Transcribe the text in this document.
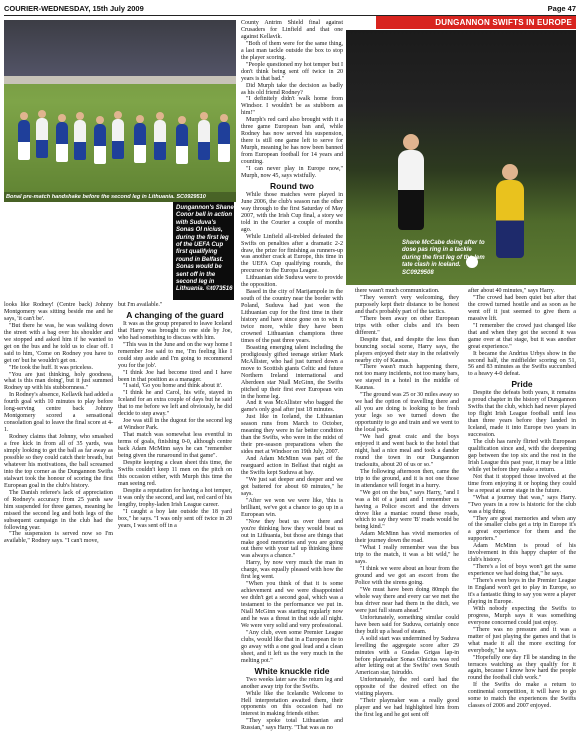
COURIER-WEDNESDAY, 15th July 2009	Page 47
DUNGANNON SWIFTS IN EUROPE
Bonal pre-match handshake before the second leg in Lithuania. SC0929510
Dungannon's Shane Conor bell in action with Suduva's Sonas Ol nicius, during the first leg of the UEFA Cup first qualifying round in Belfast. Sonas would be sent off in the second leg in Lithuania. ©t073516
Shane McCabe doing after to dose pas ring in a tackle during the first leg of the lem tate clash in Iceland. SC0929508

looks like Rodney! (Centre back) Johnny Montgomery was sitting beside me and he says, 'it can't be'.

"But there he was, he was walking down the street with a bag over his shoulder and we stopped and asked him if he wanted to get on the bus and he told us to clear off. I said to him, 'Come on Rodney you have to get on' but he wouldn't get on.

"He took the huff. It was priceless.

"You are just thinking, holy goodness, what is this man doing', but it just summed Rodney up with his stubbornness."

In Rodney's absence, Kellavik had added a fourth goal with 10 minutes to play before long-serving centre back Johnny Montgomery scored a sensational consolation goal to leave the final score at 4-1.

Rodney claims that Johnny, who smashed a free kick in from all of 35 yards, was simply looking to get the ball as far away as possible so they could catch their breath, but whatever his motivations, the ball screamed into the top corner as the Dungannon Swifts stalwart took the honour of scoring the first European goal in the club's history.

The Danish referee's lack of appreciation of Rodney's accuracy from 25 yards saw him suspended for three games, meaning he missed the second leg and both legs of the subsequent campaign in the club had the following year.

"The suspension is served now so I'm available," Rodney says. "I can't move,

but I'm available."

A changing of the guard

It was as the group prepared to leave Iceland that Harry was brought to one side by Joe, who had something to discuss with him.

"This was in the June and on the way home I remember Joe said to me, 'I'm feeling like I could step aside and I'm going to recommend you for the job'.

"I think Joe had become tired and I have been in that position as a manager.

"I said, 'Go you home and think about it'.

"I think he and Carol, his wife, stayed in Iceland for an extra couple of days but he said that to me before we left and obviously, he did decide to step away."

Joe was still in the dugout for the second leg at Windsor Park.

That match was somewhat less eventful in terms of goals, finishing 0-0, although centre back Adam McMinn says he can "remember being given the runaround in that game".

Despite keeping a clean sheet this time, the Swifts couldn't keep 11 men on the pitch on this occasion either, with Murph this time the man seeing red.

Despite a reputation for having a hot temper, it was only the second, and last, red card of his lengthy, trophy-laden Irish League career.

"I caught a boy late outside the 18 yard box," he says. "I was only sent off twice in 20 years, I was sent off in a

County Antrim Shield final against Crusaders for Linfield and that one against Kellavik.

"Both of them were for the same thing, a last man tackle outside the box to stop the player scoring.

"People questioned my hot temper but I don't think being sent off twice in 20 years is that bad."

Did Murph take the decision as badly as his old friend Rodney?

"I definitely didn't walk home from Windsor. I wouldn't be as stubborn as him!"

Murph's red card also brought with it a three game European ban and, while Rodney has now served his suspension, there is still one game left to serve for Murph, meaning he has now been banned from European football for 14 years and counting.

"I can never play in Europe now," Murph, now 45, says wistfully.

Round two

While those matches were played in June 2006, the club's season ran the other way through to the first Saturday of May 2007, with the Irish Cup final, a story we told in the Courier a couple of months ago.

While Linfield all-trebled defeated the Swifts on penalties after a dramatic 2-2 draw, the prize for finishing as runners-up was another crack at Europe, this time in the UEFA Cup qualifying rounds, the precursor to the Europa League.

Lithuanian side Suduva were to provide the opposition.

Based in the city of Marijampole in the south of the country near the border with Poland, Suduva had just won the Lithuanian cup for the first time in their history and have since gone on to win it twice more, while they have been crowned Lithuanian champions three times of the past three years.

Boasting emerging talent including the prodigiously gifted teenage striker Mark McAllister, who had just turned down a move to Scottish giants Celtic and future Northern Ireland international and Aberdeen star Niall McGinn, the Swifts pitched up their first ever European win in the home leg.

And it was McAllister who bagged the game's only goal after just 18 minutes.

Just like in Iceland, the Lithuanian season runs from March to October, meaning they were in far better condition than the Swifts, who were in the midst of their pre-season preparations when the sides met at Windsor on 19th July, 2007.

And Adam McMinn was part of the rearguard action in Belfast that night as the Swifts kept Suduva at bay.

"We just sat deeper and deeper and we got battered for about 60 minutes," he says.

"After we won we were like, 'this is brilliant, we've got a chance to go up in a European win.

"Now they beat us over there and you're thinking how they would beat us out in Lithuania, but those are things that make good memories and you are going out there with your tail up thinking there was always a chance."

Harry, by now very much the man in charge, was equally pleased with how the first leg went.

"When you think of that it is some achievement and we were disappointed we didn't get a second goal, which was a testament to the performance we put in. Niall McGinn was starting regularly now and he was a threat in that side all night. We were very solid and very professional.

"Any club, even some Premier League clubs, would like that in a European tie to go away with a one goal lead and a clean sheet, and it left us the very much in the melting pot."

White knuckle ride

Two weeks later saw the return leg and another away trip for the Swifts.

While like the Icelandic Welcome to Hell interpretation awaited them, their opponents on this occasion had no interest in making friends either.

"They spoke total Lithuanian and Russian," says Harry. "That was as no

there wasn't much communication.

"They weren't very welcoming, they purposely kept their distance to be honest and that's probably part of the tactics.

"There been away on other European trips with other clubs and it's been different."

Despite that, and despite the less than bouncing social scene, Harry says, the players enjoyed their stay in the relatively nearby city of Kaunas.

"There wasn't much happening there, not too many incidents, not too many bars, we stayed in a hotel in the middle of Kaunas.

"The ground was 25 or 30 miles away so we had the option of travelling there and all you are doing is looking to be fresh your legs so we turned down the opportunity to go and train and we went to the local park.

"We had great craic and the boys enjoyed it and went back to the hotel that night, had a nice meal and took a dander round the town in our Dungannon tracksuits, about 20 of us or so."

The following afternoon then, came the trip to the ground, and it is not one those in attendance will forget in a hurry.

"We got on the bus," says Harry, "and I was a bit of a jaunt and I remember us having a Police escort and the drivers drove like a maniac round these roads, which to say they were 'B' roads would be being kind."

Adam McMinn has vivid memories of their journey down the road.

"What I really remember was the bus trip to the match, it was a bit wild," he says.

"I think we were about an hour from the ground and we got an escort from the Police with the sirens going.

"We must have been doing 80mph the whole way there and every car we met the bus driver near had them in the ditch, we were just full steam ahead."

Unfortunately, something similar could have been said for Suduva, certainly once they built up a head of steam.

A solid start was undermined by Suduva levelling the aggregate score after 29 minutes with a Gusdas Grigas lap-in before playmaker Sonas Olnicius was red after letting out at the Swifts' own South American star, Isiruddo.

Unfortunately, the red card had the opposite of the desired effect on the visiting players.

"Their playmaker was a really good player and we had highlighted him from the first leg and he got sent off

after about 40 minutes," says Harry.

"The crowd had been quiet but after that the crowd turned hostile and as soon as he went off it just seemed to give them a massive lift.

"I remember the crowd just changed like that and when they got the second it was game over at that stage, but it was another great experience."

It became the Andrius Urbys show in the second half, the midfielder scoring on 51, 56 and 83 minutes as the Swifts succumbed to a heavy 4-0 defeat.

Pride

Despite the defeats both years, it remains a proud chapter in the history of Dungannon Swifts that the club, which had never played top flight Irish League football until less than three years before they landed in Iceland, made it into Europe two years in succession.

The club has rarely flirted with European qualification since and, with the deepening gap between the top six and the rest in the Irish League this past year, it may be a little while yet before they make a return.

Not that it stopped those involved at the time from enjoying it or hoping they could be a repeat at some stage in the future.

"What a journey that was," says Harry. "Two years in a row is historic for the club was a big thing.

"They are great memories and when any of the smaller clubs get a trip in Europe it's a great experience for them and the supporters."

Adam McMinn is proud of his involvement in this happy chapter of the club's history.

"There's a lot of boys won't get the same experience we had doing that," he says.

"There's even boys in the Premier League in England won't get to play in Europe, so it's a fantastic thing to say you were a player playing in Europe.

With nobody expecting the Swifts to progress, Murph says it was something everyone concerned could just enjoy.

"There was no pressure and it was a matter of just playing the games and that is what made it all the more exciting for everybody," he says.

"Hopefully one day I'll be standing in the terraces watching as they qualify for it again, because I know how hard the people round the football club work."

If the Swifts do make a return to continental competition, it will have to go some to match the experiences the Swifts classes of 2006 and 2007 enjoyed.
